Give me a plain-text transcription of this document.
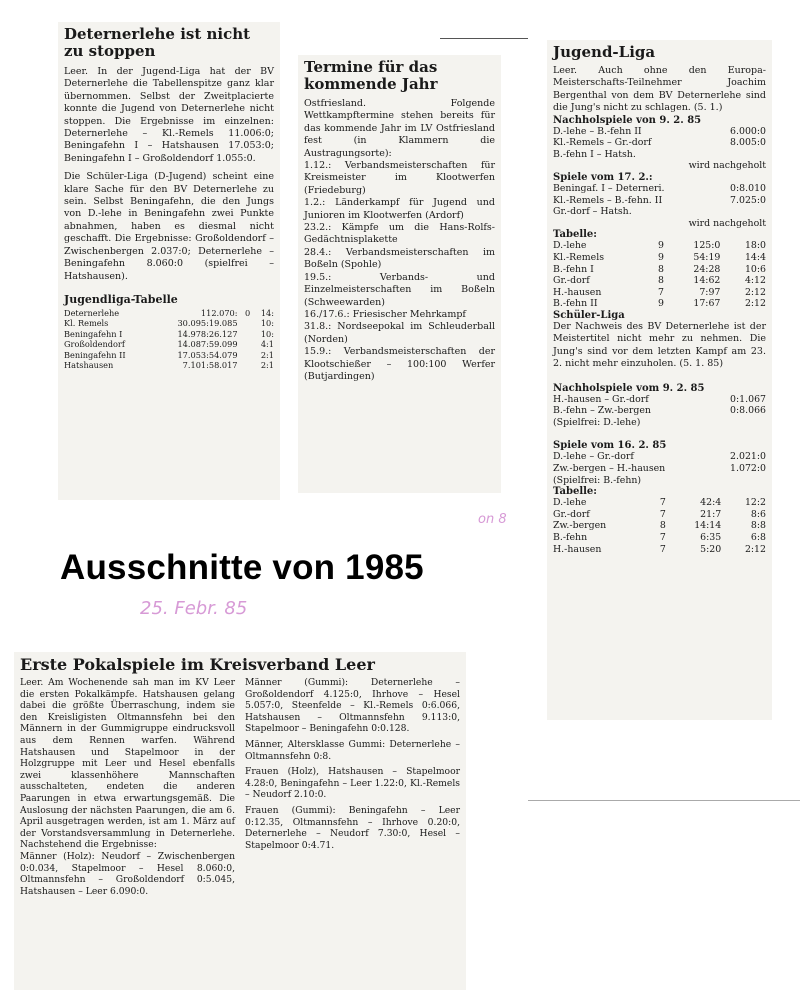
Deternerlehe ist nicht zu stoppen

Leer. In der Jugend-Liga hat der BV Deternerlehe die Tabellenspitze ganz klar übernommen. Selbst der Zweitplacierte konnte die Jugend von Deternerlehe nicht stoppen. Die Ergebnisse im einzelnen: Deternerlehe – Kl.-Remels 11.006:0; Beningafehn I – Hatshausen 17.053:0; Beningafehn I – Großoldendorf 1.055:0.

Die Schüler-Liga (D-Jugend) scheint eine klare Sache für den BV Deternerlehe zu sein. Selbst Beningafehn, die den Jungs von D.-lehe in Beningafehn zwei Punkte abnahmen, haben es diesmal nicht geschafft. Die Ergebnisse: Großoldendorf – Zwischenbergen 2.037:0; Deternerlehe – Beningafehn 8.060:0 (spielfrei – Hatshausen).

Jugendliga-Tabelle

Deternerlehe	112.070:	0	14:
Kl. Remels	30.095:19.085		10:
Beningafehn I	14.978:26.127		10:
Großoldendorf	14.087:59.099		4:1
Beningafehn II	17.053:54.079		2:1
Hatshausen	7.101:58.017		2:1

Termine für das kommende Jahr

Ostfriesland. Folgende Wettkampftermine stehen bereits für das kommende Jahr im LV Ostfriesland fest (in Klammern die Austragungsorte):

1.12.: Verbandsmeisterschaften für Kreismeister im Klootwerfen (Friedeburg)

1.2.: Länderkampf für Jugend und Junioren im Klootwerfen (Ardorf)

23.2.: Kämpfe um die Hans-Rolfs-Gedächtnisplakette

28.4.: Verbandsmeisterschaften im Boßeln (Spohle)

19.5.: Verbands- und Einzelmeisterschaften im Boßeln (Schweewarden)

16./17.6.: Friesischer Mehrkampf

31.8.: Nordseepokal im Schleuderball (Norden)

15.9.: Verbandsmeisterschaften der Klootschießer – 100:100 Werfer (Butjardingen)

Jugend-Liga

Leer. Auch ohne den Europa-Meisterschafts-Teilnehmer Joachim Bergenthal von dem BV Deternerlehe sind die Jung's nicht zu schlagen. (5. 1.)

Nachholspiele von 9. 2. 85

D.-lehe – B.-fehn II	6.000:0
Kl.-Remels – Gr.-dorf	8.005:0
B.-fehn I – Hatsh.

wird nachgeholt

Spiele vom 17. 2.:

Beningaf. I – Deterneri.	0:8.010
Kl.-Remels – B.-fehn. II	7.025:0
Gr.-dorf – Hatsh.

wird nachgeholt

Tabelle:

D.-lehe	9	125:0	18:0
Kl.-Remels	9	54:19	14:4
B.-fehn I	8	24:28	10:6
Gr.-dorf	8	14:62	4:12
H.-hausen	7	7:97	2:12
B.-fehn II	9	17:67	2:12

Schüler-Liga

Der Nachweis des BV Deternerlehe ist der Meistertitel nicht mehr zu nehmen. Die Jung's sind vor dem letzten Kampf am 23. 2. nicht mehr einzuholen. (5. 1. 85)

Nachholspiele vom 9. 2. 85

H.-hausen – Gr.-dorf	0:1.067
B.-fehn – Zw.-bergen	0:8.066

(Spielfrei: D.-lehe)

Spiele vom 16. 2. 85

D.-lehe – Gr.-dorf	2.021:0
Zw.-bergen – H.-hausen	1.072:0

(Spielfrei: B.-fehn)

Tabelle:

D.-lehe	7	42:4	12:2
Gr.-dorf	7	21:7	8:6
Zw.-bergen	8	14:14	8:8
B.-fehn	7	6:35	6:8
H.-hausen	7	5:20	2:12
Ausschnitte von 1985
25. Febr. 85
on 8

Erste Pokalspiele im Kreisverband Leer

Leer. Am Wochenende sah man im KV Leer die ersten Pokalkämpfe. Hatshausen gelang dabei die größte Überraschung, indem sie den Kreisligisten Oltmannsfehn bei den Männern in der Gummigruppe eindrucksvoll aus dem Rennen warfen. Während Hatshausen und Stapelmoor in der Holzgruppe mit Leer und Hesel ebenfalls zwei klassenhöhere Mannschaften ausschalteten, endeten die anderen Paarungen in etwa erwartungsgemäß. Die Auslosung der nächsten Paarungen, die am 6. April ausgetragen werden, ist am 1. März auf der Vorstandsversammlung in Deternerlehe. Nachstehend die Ergebnisse:

Männer (Holz): Neudorf – Zwischenbergen 0:0.034, Stapelmoor – Hesel 8.060:0, Oltmannsfehn – Großoldendorf 0:5.045, Hatshausen – Leer 6.090:0.

Männer (Gummi): Deternerlehe – Großoldendorf 4.125:0, Ihrhove – Hesel 5.057:0, Steenfelde – Kl.-Remels 0:6.066, Hatshausen – Oltmannsfehn 9.113:0, Stapelmoor – Beningafehn 0:0.128.

Männer, Altersklasse Gummi: Deternerlehe – Oltmannsfehn 0:8.

Frauen (Holz), Hatshausen – Stapelmoor 4.28:0, Beningafehn – Leer 1.22:0, Kl.-Remels – Neudorf 2.10:0.

Frauen (Gummi): Beningafehn – Leer 0:12.35, Oltmannsfehn – Ihrhove 0.20:0, Deternerlehe – Neudorf 7.30:0, Hesel – Stapelmoor 0:4.71.
